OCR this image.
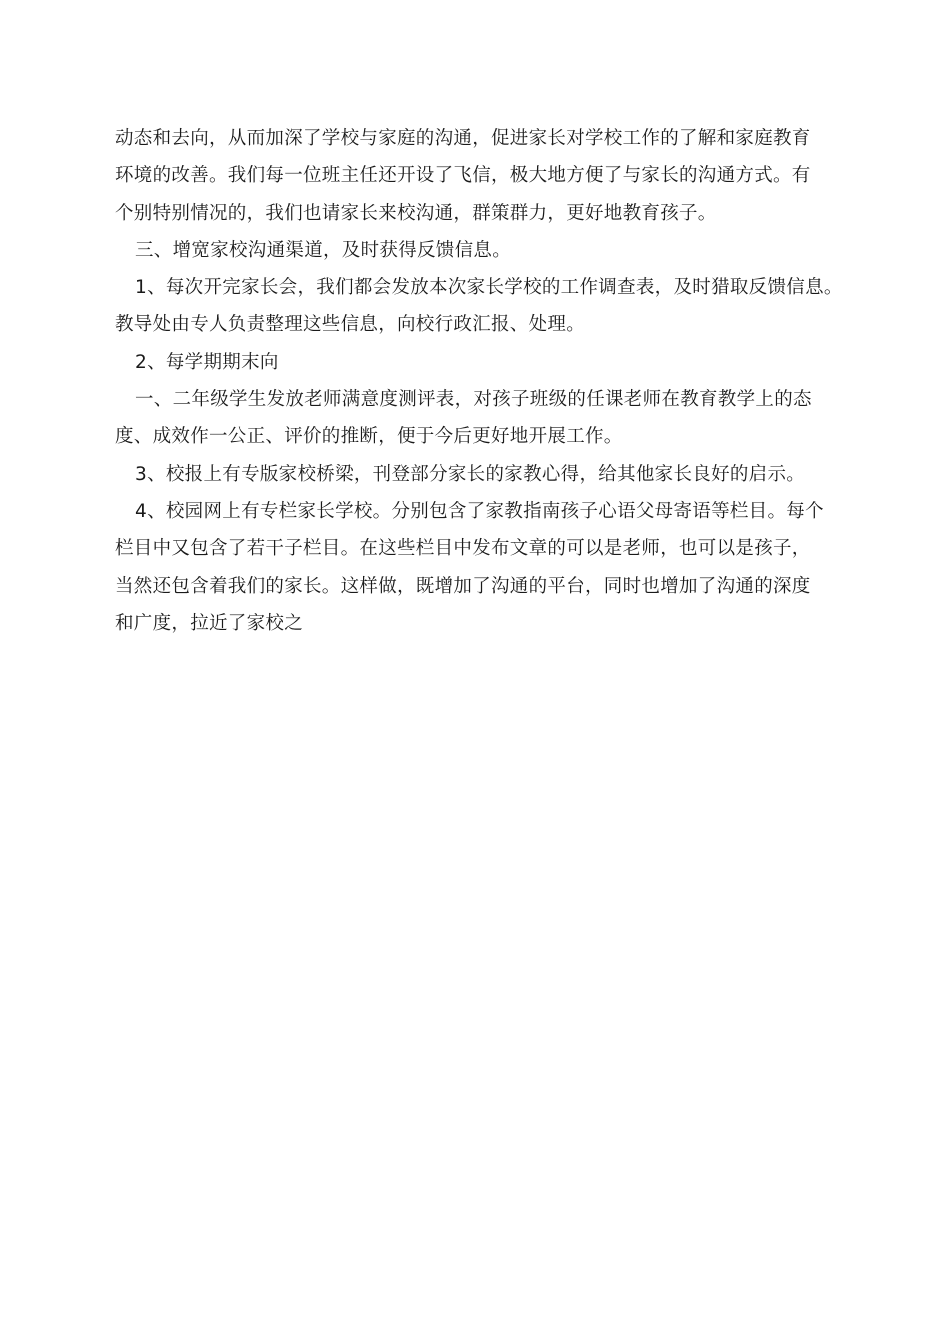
动态和去向，从而加深了学校与家庭的沟通，促进家长对学校工作的了解和家庭教育
环境的改善。我们每一位班主任还开设了飞信，极大地方便了与家长的沟通方式。有
个别特别情况的，我们也请家长来校沟通，群策群力，更好地教育孩子。
三、增宽家校沟通渠道，及时获得反馈信息。
1、每次开完家长会，我们都会发放本次家长学校的工作调查表，及时猎取反馈信息。
教导处由专人负责整理这些信息，向校行政汇报、处理。
2、每学期期末向
一、二年级学生发放老师满意度测评表，对孩子班级的任课老师在教育教学上的态
度、成效作一公正、评价的推断，便于今后更好地开展工作。
3、校报上有专版家校桥梁，刊登部分家长的家教心得，给其他家长良好的启示。
4、校园网上有专栏家长学校。分别包含了家教指南孩子心语父母寄语等栏目。每个
栏目中又包含了若干子栏目。在这些栏目中发布文章的可以是老师，也可以是孩子，
当然还包含着我们的家长。这样做，既增加了沟通的平台，同时也增加了沟通的深度
和广度，拉近了家校之
